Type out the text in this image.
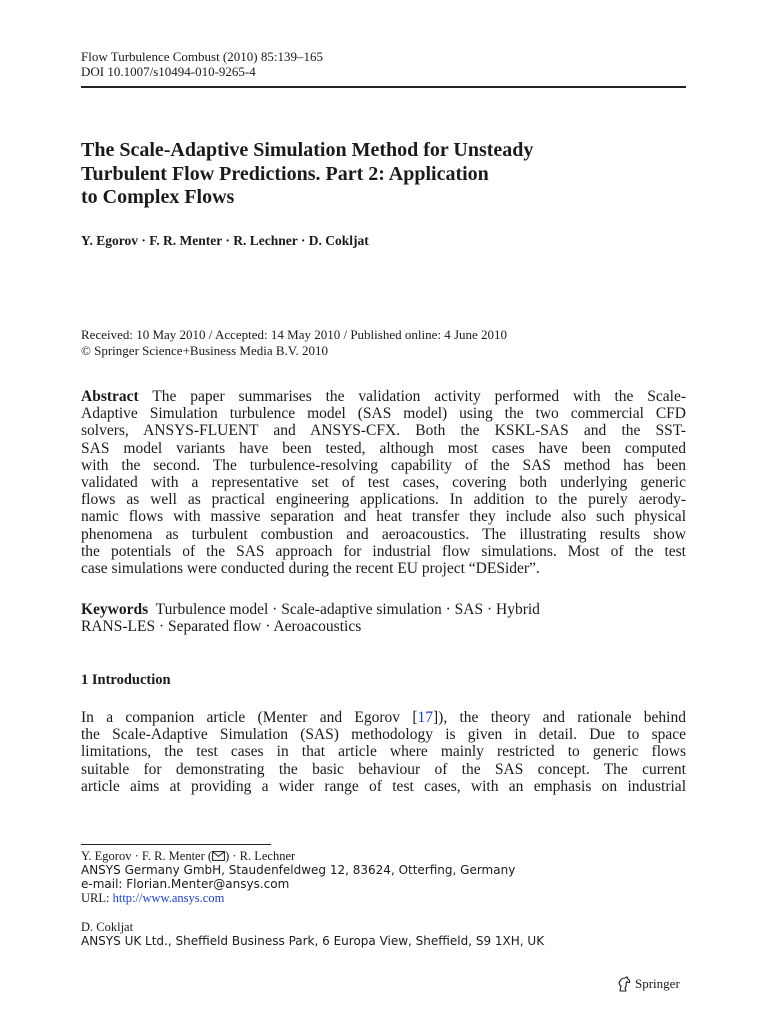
Flow Turbulence Combust (2010) 85:139–165
DOI 10.1007/s10494-010-9265-4
The Scale-Adaptive Simulation Method for Unsteady
Turbulent Flow Predictions. Part 2: Application
to Complex Flows
Y. Egorov · F. R. Menter · R. Lechner · D. Cokljat
Received: 10 May 2010 / Accepted: 14 May 2010 / Published online: 4 June 2010
© Springer Science+Business Media B.V. 2010
Abstract The paper summarises the validation activity performed with the Scale-
Adaptive Simulation turbulence model (SAS model) using the two commercial CFD
solvers, ANSYS-FLUENT and ANSYS-CFX. Both the KSKL-SAS and the SST-
SAS model variants have been tested, although most cases have been computed
with the second. The turbulence-resolving capability of the SAS method has been
validated with a representative set of test cases, covering both underlying generic
flows as well as practical engineering applications. In addition to the purely aerody-
namic flows with massive separation and heat transfer they include also such physical
phenomena as turbulent combustion and aeroacoustics. The illustrating results show
the potentials of the SAS approach for industrial flow simulations. Most of the test
case simulations were conducted during the recent EU project “DESider”.
Keywords Turbulence model · Scale-adaptive simulation · SAS · Hybrid
RANS-LES · Separated flow · Aeroacoustics
1 Introduction
In a companion article (Menter and Egorov [17]), the theory and rationale behind
the Scale-Adaptive Simulation (SAS) methodology is given in detail. Due to space
limitations, the test cases in that article where mainly restricted to generic flows
suitable for demonstrating the basic behaviour of the SAS concept. The current
article aims at providing a wider range of test cases, with an emphasis on industrial
Y. Egorov · F. R. Menter ( ) · R. Lechner
ANSYS Germany GmbH, Staudenfeldweg 12, 83624, Otterfing, Germany
e-mail: Florian.Menter@ansys.com
URL: http://www.ansys.com
D. Cokljat
ANSYS UK Ltd., Sheffield Business Park, 6 Europa View, Sheffield, S9 1XH, UK
Springer
